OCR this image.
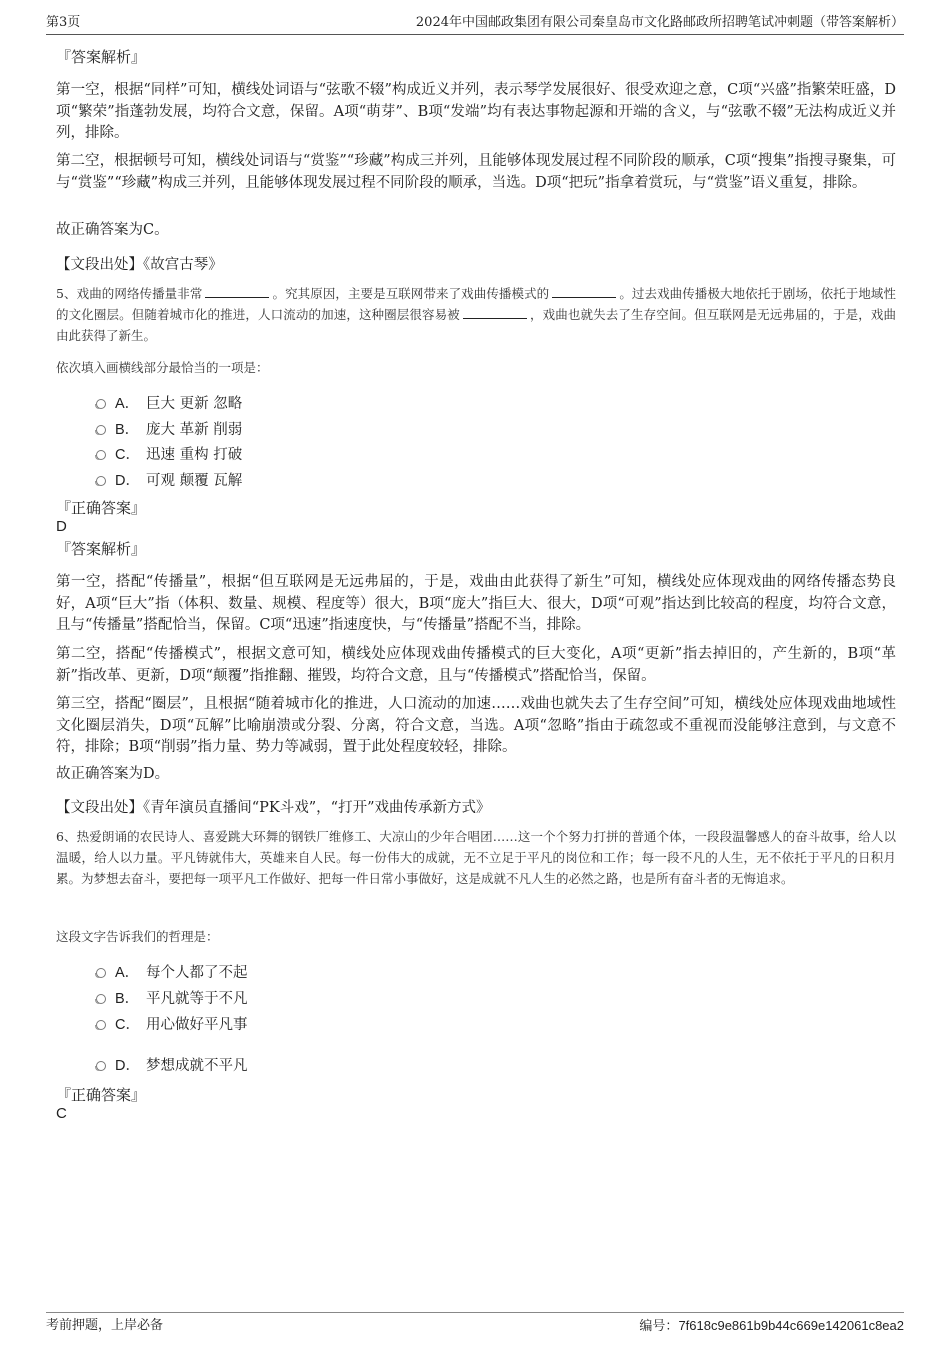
第3页	2024年中国邮政集团有限公司秦皇岛市文化路邮政所招聘笔试冲刺题（带答案解析）
『答案解析』

第一空，根据“同样”可知，横线处词语与“弦歌不辍”构成近义并列，表示琴学发展很好、很受欢迎之意，C项“兴盛”指繁荣旺盛，D项“繁荣”指蓬勃发展，均符合文意，保留。A项“萌芽”、B项“发端”均有表达事物起源和开端的含义，与“弦歌不辍”无法构成近义并列，排除。

第二空，根据顿号可知，横线处词语与“赏鉴”“珍藏”构成三并列，且能够体现发展过程不同阶段的顺承，C项“搜集”指搜寻聚集，可与“赏鉴”“珍藏”构成三并列，且能够体现发展过程不同阶段的顺承，当选。D项“把玩”指拿着赏玩，与“赏鉴”语义重复，排除。

故正确答案为C。
【文段出处】《故宫古琴》

5、戏曲的网络传播量非常	。究其原因，主要是互联网带来了戏曲传播模式的	。过去戏曲传播极大地依托于剧场，依托于地域性的文化圈层。但随着城市化的推进，人口流动的加速，这种圈层很容易被	，戏曲也就失去了生存空间。但互联网是无远弗届的，于是，戏曲由此获得了新生。

依次填入画横线部分最恰当的一项是：
A． 巨大 更新 忽略
B． 庞大 革新 削弱
C． 迅速 重构 打破
D． 可观 颠覆 瓦解
『正确答案』
D
『答案解析』

第一空，搭配“传播量”，根据“但互联网是无远弗届的，于是，戏曲由此获得了新生”可知，横线处应体现戏曲的网络传播态势良好，A项“巨大”指（体积、数量、规模、程度等）很大，B项“庞大”指巨大、很大，D项“可观”指达到比较高的程度，均符合文意，且与“传播量”搭配恰当，保留。C项“迅速”指速度快，与“传播量”搭配不当，排除。

第二空，搭配“传播模式”，根据文意可知，横线处应体现戏曲传播模式的巨大变化，A项“更新”指去掉旧的，产生新的，B项“革新”指改革、更新，D项“颠覆”指推翻、摧毁，均符合文意，且与“传播模式”搭配恰当，保留。

第三空，搭配“圈层”，且根据“随着城市化的推进，人口流动的加速……戏曲也就失去了生存空间”可知，横线处应体现戏曲地域性文化圈层消失，D项“瓦解”比喻崩溃或分裂、分离，符合文意，当选。A项“忽略”指由于疏忽或不重视而没能够注意到，与文意不符，排除；B项“削弱”指力量、势力等减弱，置于此处程度较轻，排除。

故正确答案为D。
【文段出处】《青年演员直播间“PK斗戏”，“打开”戏曲传承新方式》

6、热爱朗诵的农民诗人、喜爱跳大环舞的钢铁厂维修工、大凉山的少年合唱团……这一个个努力打拼的普通个体，一段段温馨感人的奋斗故事，给人以温暖，给人以力量。平凡铸就伟大，英雄来自人民。每一份伟大的成就，无不立足于平凡的岗位和工作；每一段不凡的人生，无不依托于平凡的日积月累。为梦想去奋斗，要把每一项平凡工作做好、把每一件日常小事做好，这是成就不凡人生的必然之路，也是所有奋斗者的无悔追求。

这段文字告诉我们的哲理是：
A． 每个人都了不起
B． 平凡就等于不凡
C． 用心做好平凡事
D． 梦想成就不平凡
『正确答案』
C
考前押题，上岸必备	编号：7f618c9e861b9b44c669e142061c8ea2
